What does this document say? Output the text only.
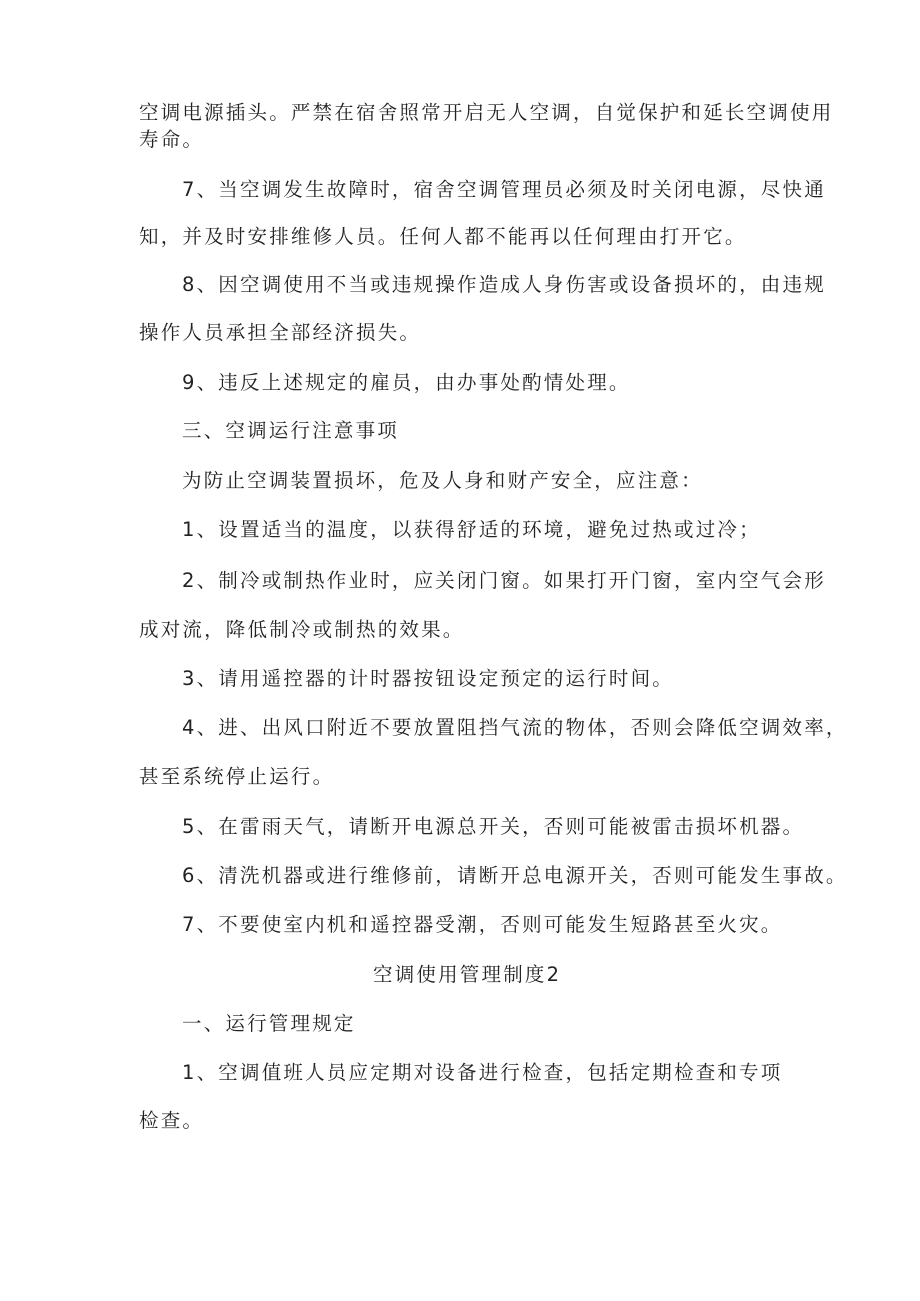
空调电源插头。严禁在宿舍照常开启无人空调，自觉保护和延长空调使用
寿命。
7、当空调发生故障时，宿舍空调管理员必须及时关闭电源，尽快通
知，并及时安排维修人员。任何人都不能再以任何理由打开它。
8、因空调使用不当或违规操作造成人身伤害或设备损坏的，由违规
操作人员承担全部经济损失。
9、违反上述规定的雇员，由办事处酌情处理。
三、空调运行注意事项
为防止空调装置损坏，危及人身和财产安全，应注意：
1、设置适当的温度，以获得舒适的环境，避免过热或过冷；
2、制冷或制热作业时，应关闭门窗。如果打开门窗，室内空气会形
成对流，降低制冷或制热的效果。
3、请用遥控器的计时器按钮设定预定的运行时间。
4、进、出风口附近不要放置阻挡气流的物体，否则会降低空调效率，
甚至系统停止运行。
5、在雷雨天气，请断开电源总开关，否则可能被雷击损坏机器。
6、清洗机器或进行维修前，请断开总电源开关，否则可能发生事故。
7、不要使室内机和遥控器受潮，否则可能发生短路甚至火灾。
空调使用管理制度2
一、运行管理规定
1、空调值班人员应定期对设备进行检查，包括定期检查和专项
检查。
